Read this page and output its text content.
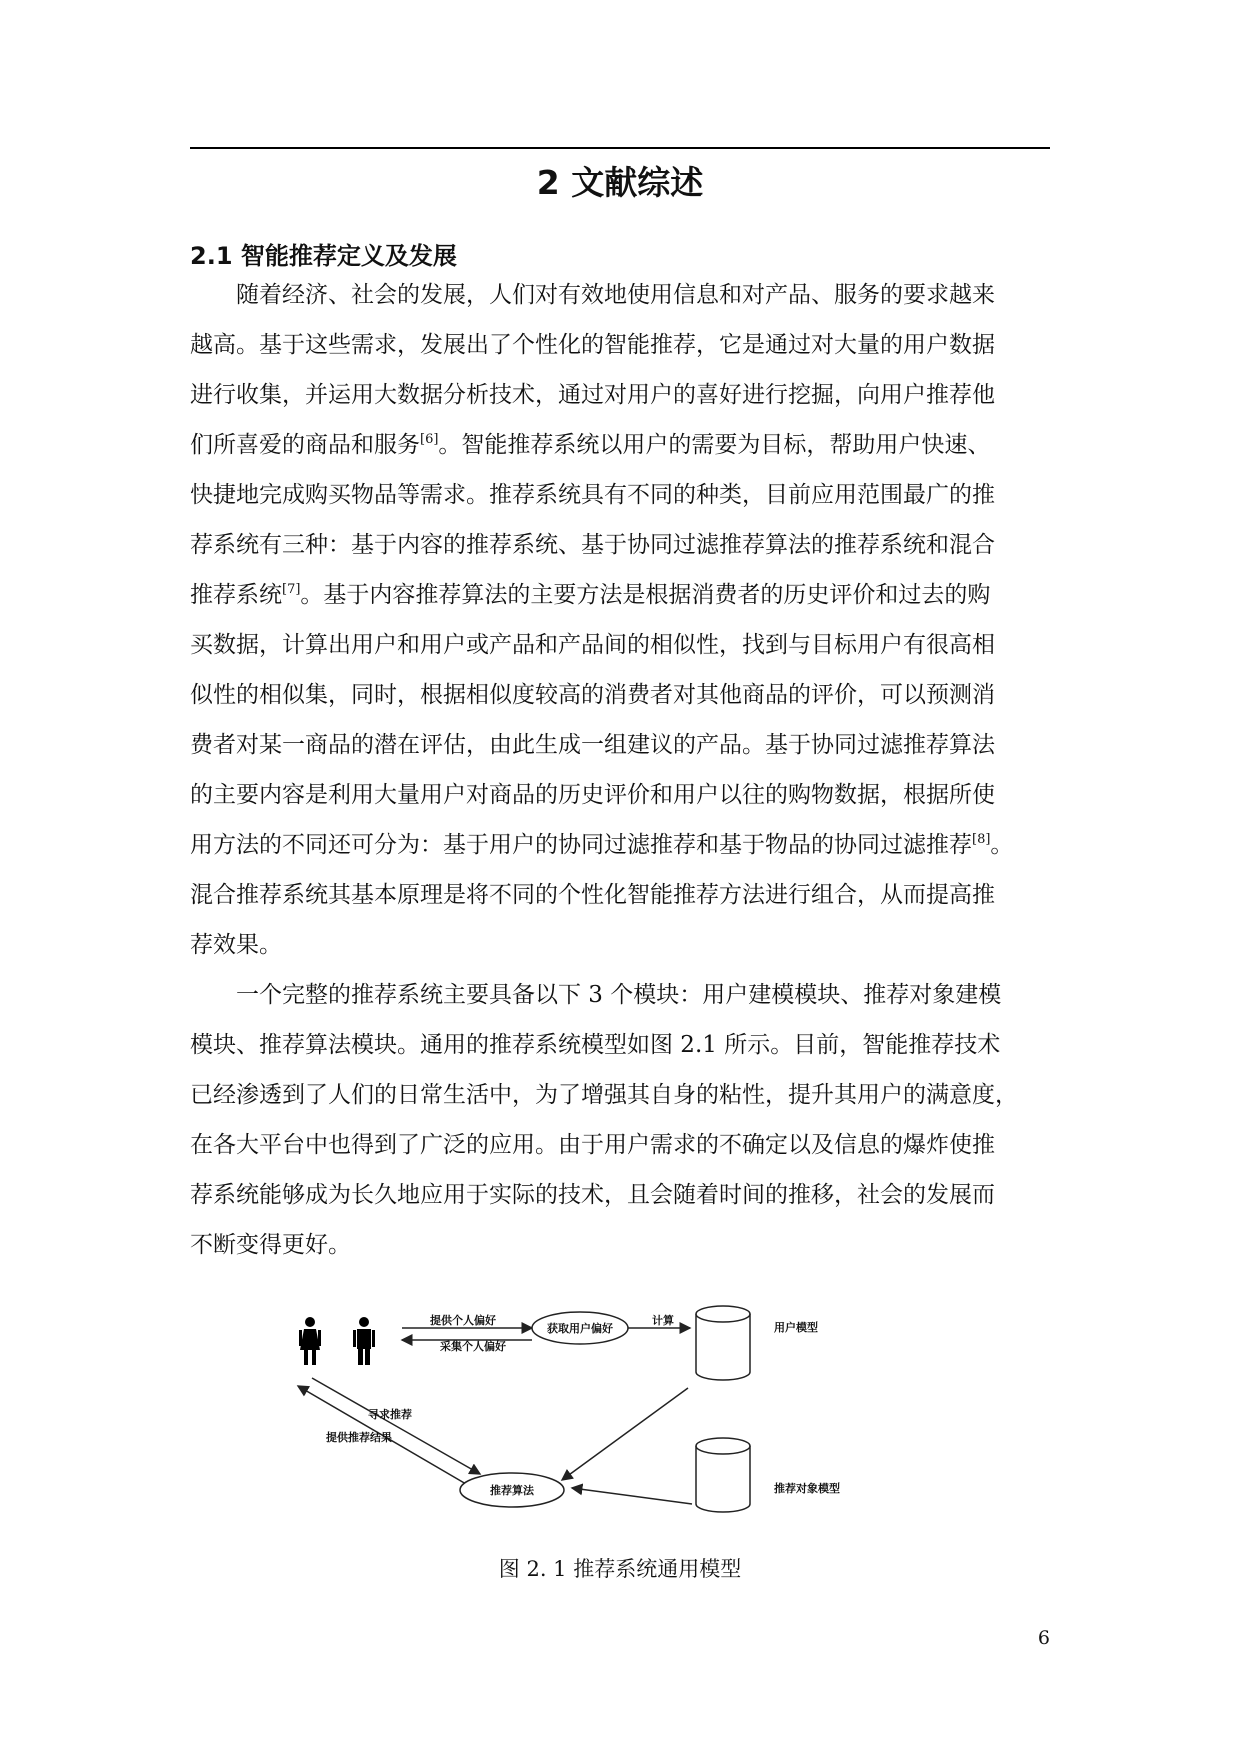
2 文献综述
2.1 智能推荐定义及发展
随着经济、社会的发展，人们对有效地使用信息和对产品、服务的要求越来
越高。基于这些需求，发展出了个性化的智能推荐，它是通过对大量的用户数据
进行收集，并运用大数据分析技术，通过对用户的喜好进行挖掘，向用户推荐他
们所喜爱的商品和服务[6]。智能推荐系统以用户的需要为目标，帮助用户快速、
快捷地完成购买物品等需求。推荐系统具有不同的种类，目前应用范围最广的推
荐系统有三种：基于内容的推荐系统、基于协同过滤推荐算法的推荐系统和混合
推荐系统[7]。基于内容推荐算法的主要方法是根据消费者的历史评价和过去的购
买数据，计算出用户和用户或产品和产品间的相似性，找到与目标用户有很高相
似性的相似集，同时，根据相似度较高的消费者对其他商品的评价，可以预测消
费者对某一商品的潜在评估，由此生成一组建议的产品。基于协同过滤推荐算法
的主要内容是利用大量用户对商品的历史评价和用户以往的购物数据，根据所使
用方法的不同还可分为：基于用户的协同过滤推荐和基于物品的协同过滤推荐[8]。
混合推荐系统其基本原理是将不同的个性化智能推荐方法进行组合，从而提高推
荐效果。
一个完整的推荐系统主要具备以下 3 个模块：用户建模模块、推荐对象建模
模块、推荐算法模块。通用的推荐系统模型如图 2.1 所示。目前，智能推荐技术
已经渗透到了人们的日常生活中，为了增强其自身的粘性，提升其用户的满意度，
在各大平台中也得到了广泛的应用。由于用户需求的不确定以及信息的爆炸使推
荐系统能够成为长久地应用于实际的技术，且会随着时间的推移，社会的发展而
不断变得更好。
提供个人偏好
采集个人偏好
获取用户偏好
计算
用户模型
寻求推荐
提供推荐结果
推荐算法	推荐对象模型
图 2. 1 推荐系统通用模型
6
